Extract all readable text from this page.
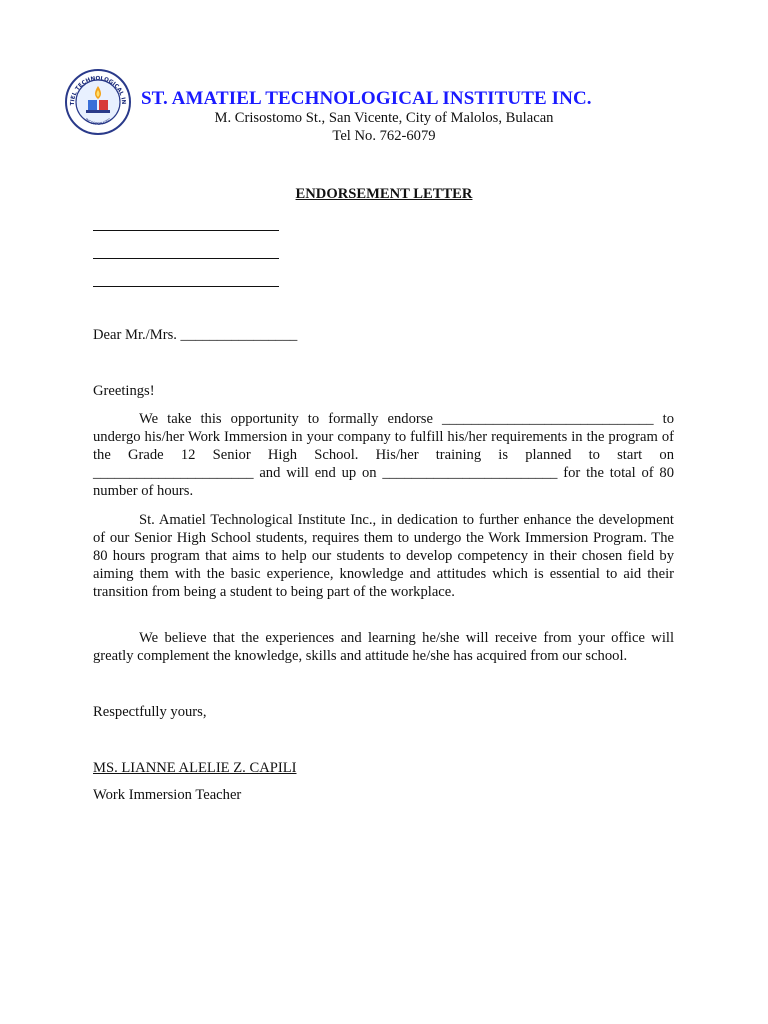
TIEL TECHNOLOGICAL IN
INCORPORATED
ST. AMATIEL TECHNOLOGICAL INSTITUTE INC.
M. Crisostomo St., San Vicente, City of Malolos, Bulacan
Tel No. 762-6079
ENDORSEMENT LETTER
Dear Mr./Mrs. ________________
Greetings!
We take this opportunity to formally endorse _____________________________ to undergo his/her Work Immersion in your company to fulfill his/her requirements in the program of the Grade 12 Senior High School. His/her training is planned to start on ______________________ and will end up on ________________________ for the total of 80 number of hours.
St. Amatiel Technological Institute Inc., in dedication to further enhance the development of our Senior High School students, requires them to undergo the Work Immersion Program. The 80 hours program that aims to help our students to develop competency in their chosen field by aiming them with the basic experience, knowledge and attitudes which is essential to aid their transition from being a student to being part of the workplace.
We believe that the experiences and learning he/she will receive from your office will greatly complement the knowledge, skills and attitude he/she has acquired from our school.
Respectfully yours,
MS. LIANNE ALELIE Z. CAPILI
Work Immersion Teacher
